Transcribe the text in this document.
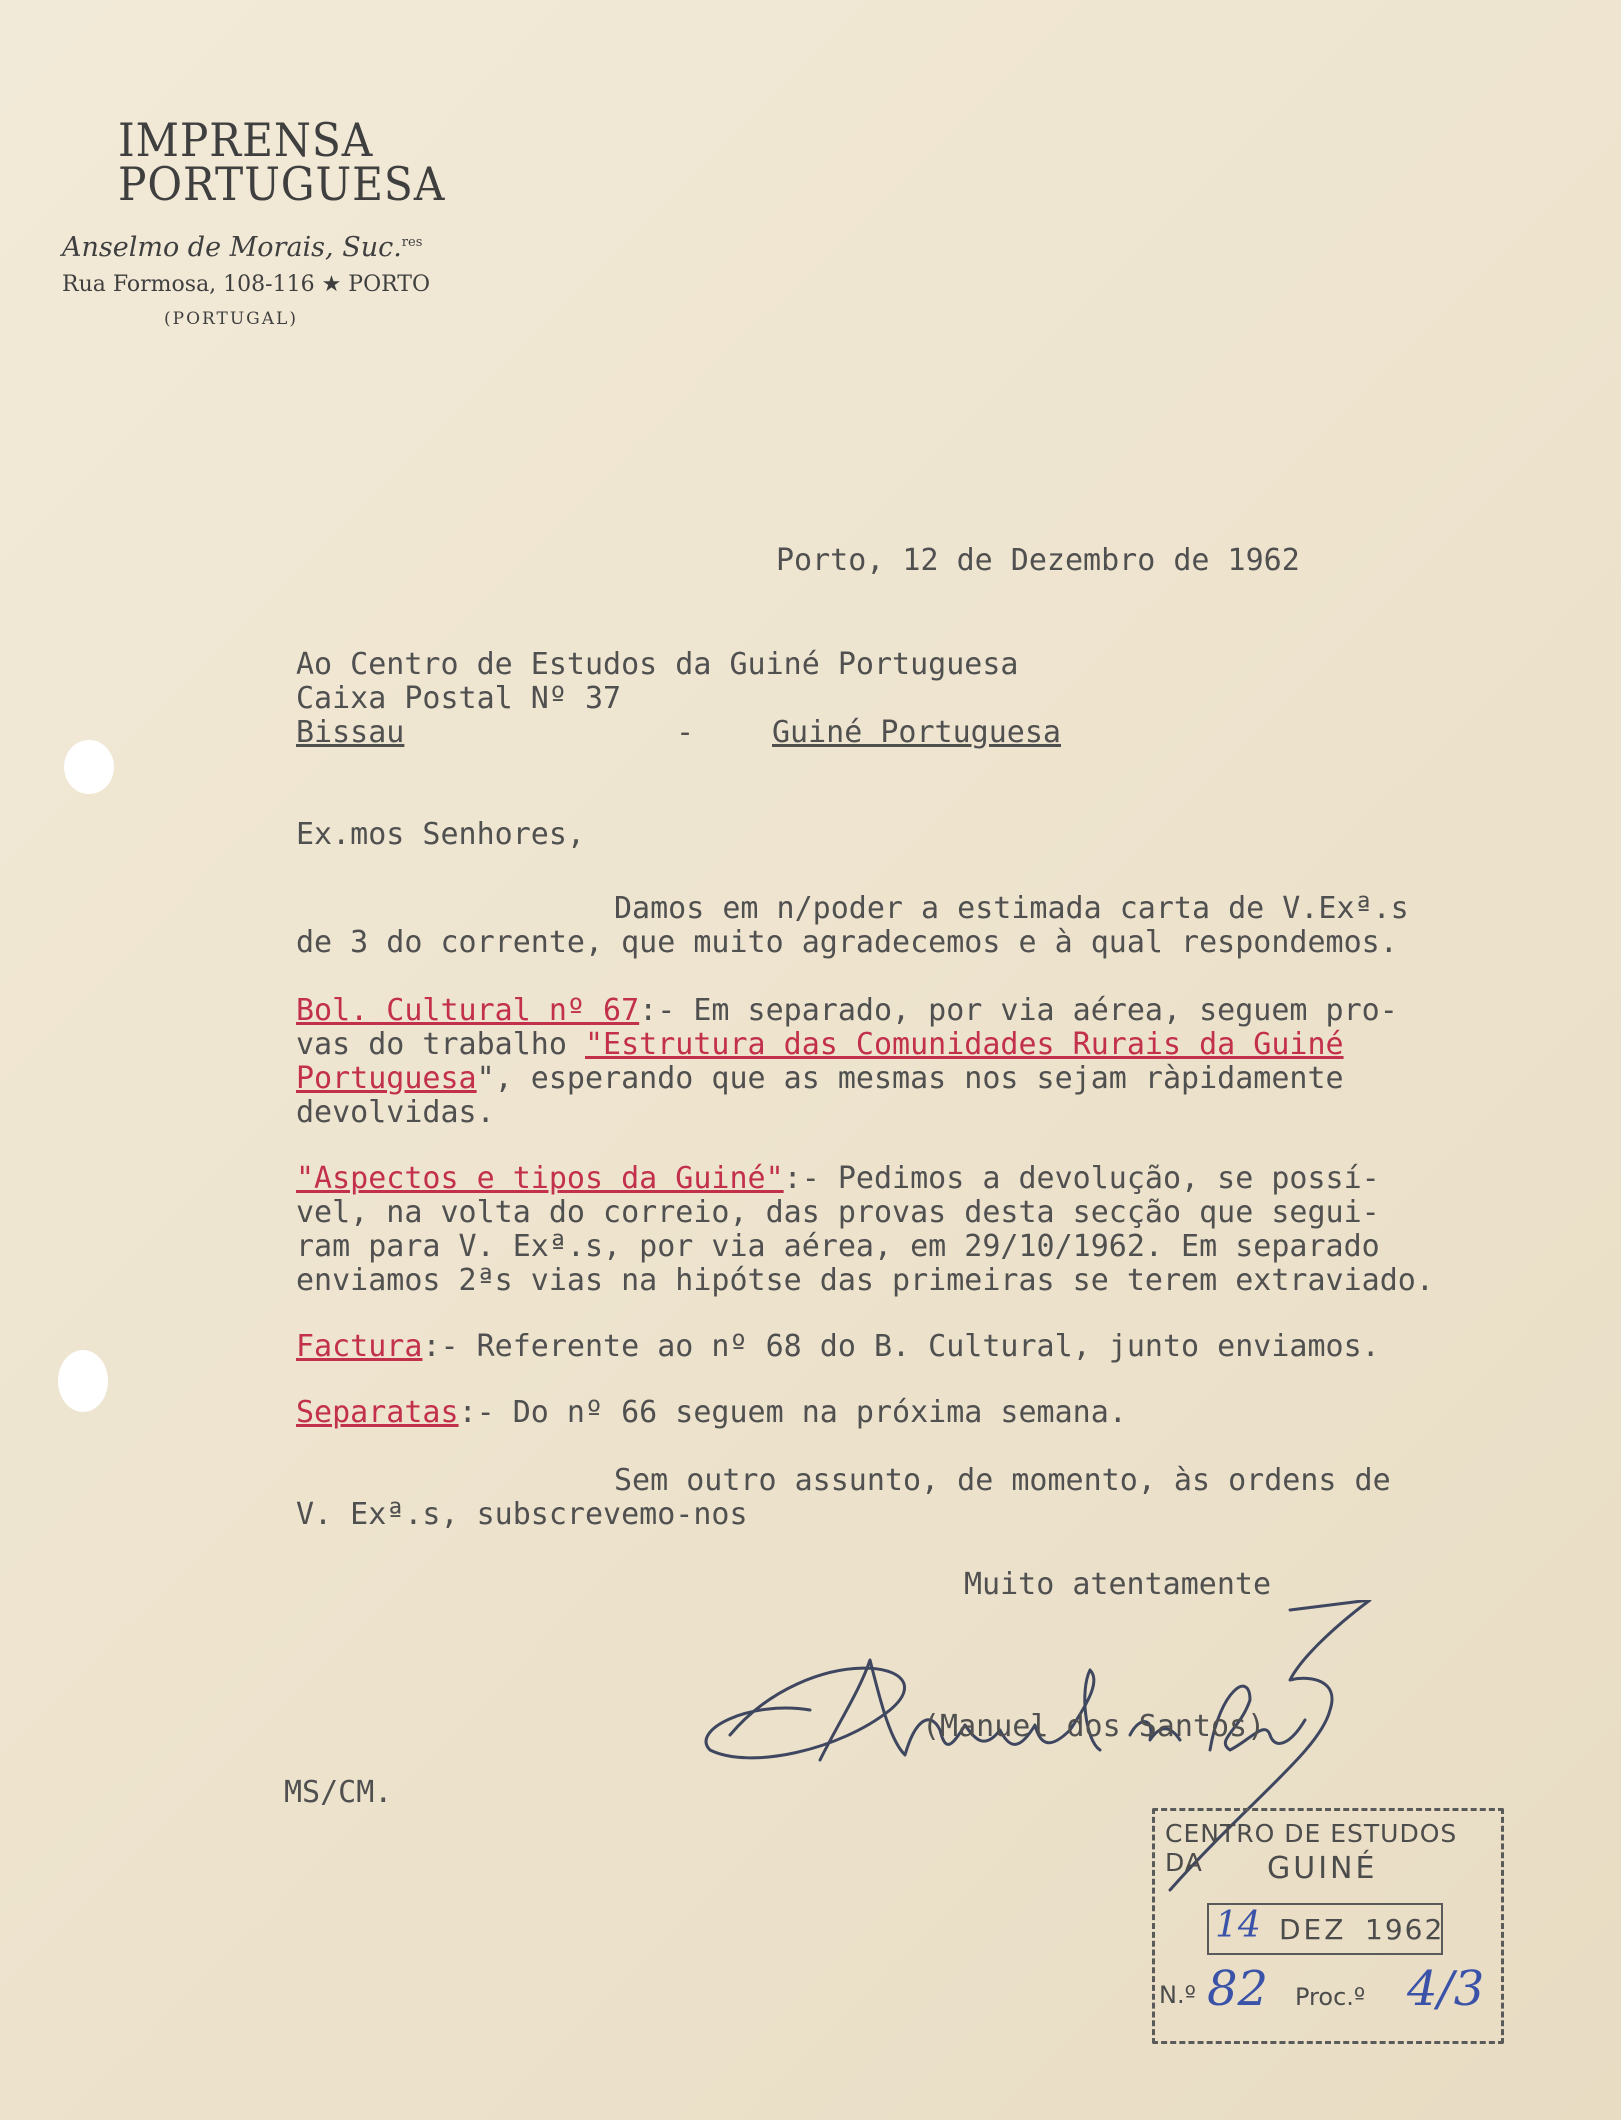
IMPRENSA
PORTUGUESA
Anselmo de Morais, Suc.$^{res}$
Rua Formosa, 108-116 ★ PORTO
(PORTUGAL)
Porto, 12 de Dezembro de 1962
Ao Centro de Estudos da Guiné Portuguesa
Caixa Postal Nº 37
Bissau	-	Guiné Portuguesa
Ex.mos Senhores,
Damos em n/poder a estimada carta de V.Exª.s
de 3 do corrente, que muito agradecemos e à qual respondemos.
Bol. Cultural nº 67:- Em separado, por via aérea, seguem pro-
vas do trabalho "Estrutura das Comunidades Rurais da Guiné
Portuguesa", esperando que as mesmas nos sejam ràpidamente
devolvidas.
"Aspectos e tipos da Guiné":- Pedimos a devolução, se possí-
vel, na volta do correio, das provas desta secção que segui-
ram para V. Exª.s, por via aérea, em 29/10/1962. Em separado
enviamos 2ªs vias na hipótse das primeiras se terem extraviado.
Factura:- Referente ao nº 68 do B. Cultural, junto enviamos.
Separatas:- Do nº 66 seguem na próxima semana.
Sem outro assunto, de momento, às ordens de
V. Exª.s, subscrevemo-nos
Muito atentamente
(Manuel dos Santos)
MS/CM.
CENTRO DE ESTUDOS DA	GUINÉ
14 DEZ 1962
N.º 82 Proc.º 4/3
